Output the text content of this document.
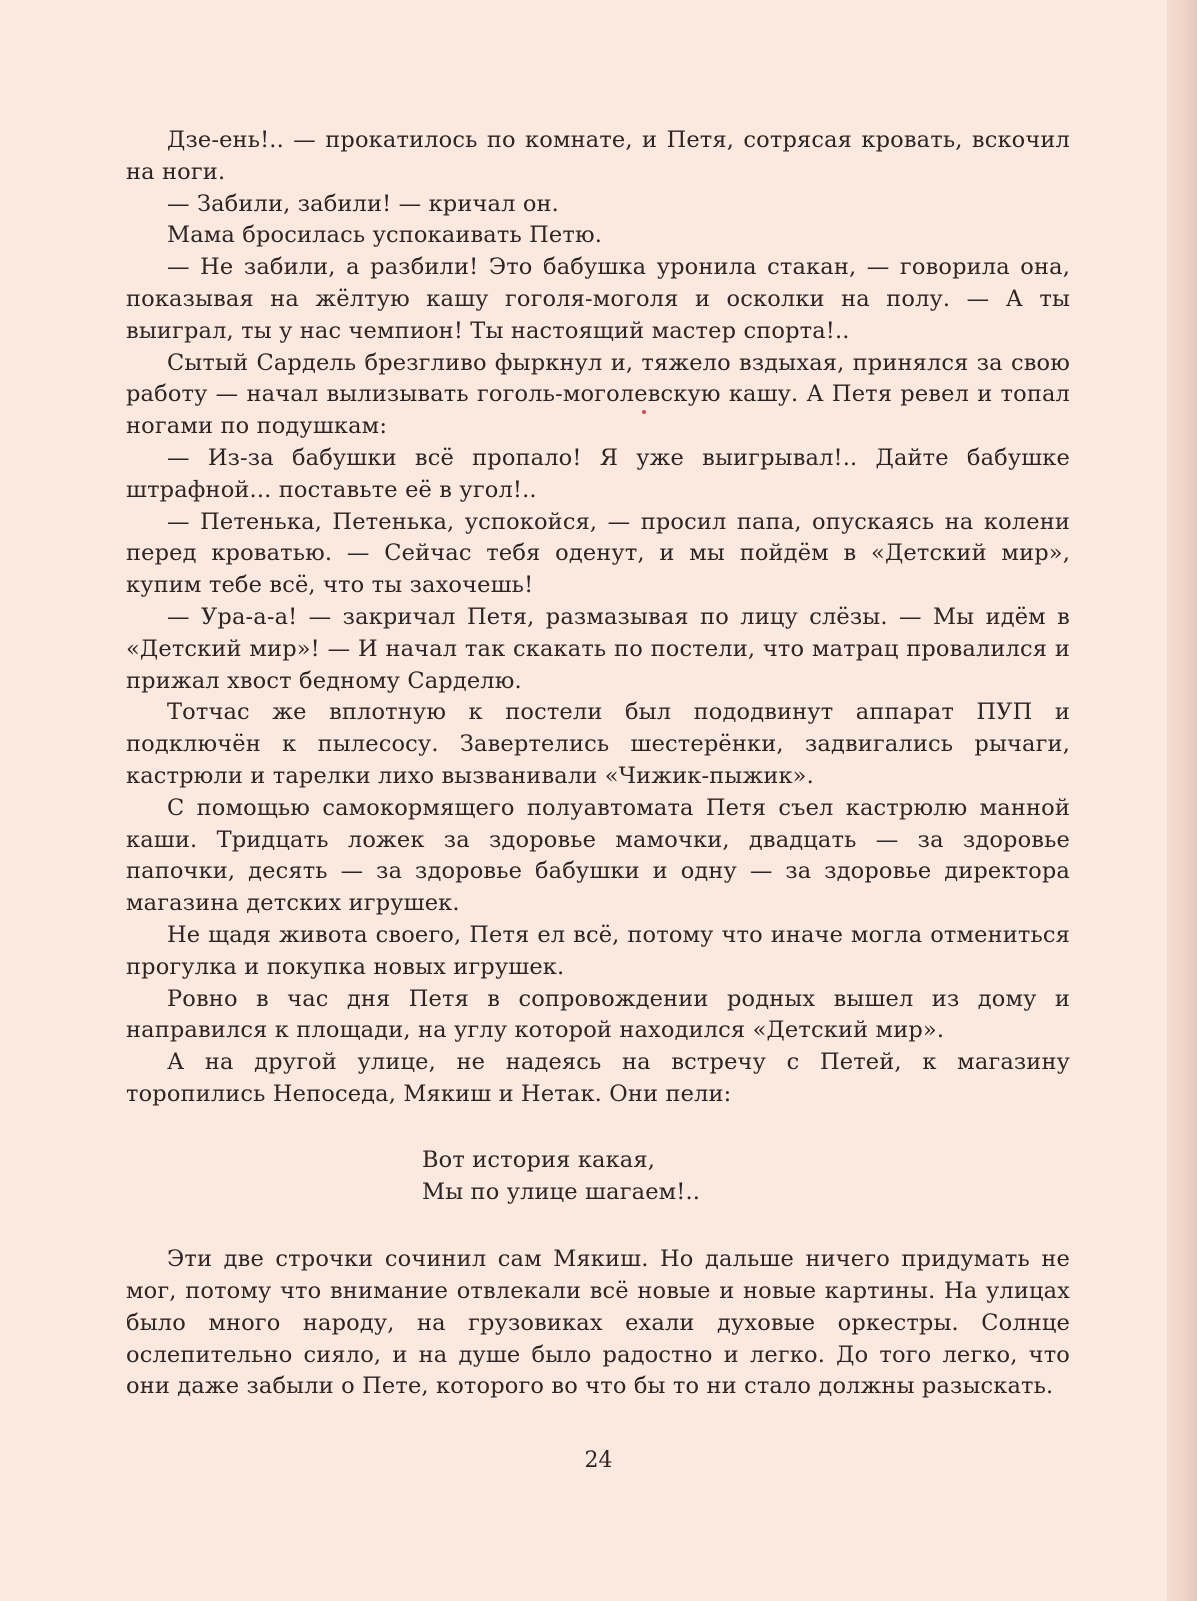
Дзе-ень!.. — прокатилось по комнате, и Петя, сотрясая кровать, вскочил на ноги.

— Забили, забили! — кричал он.

Мама бросилась успокаивать Петю.

— Не забили, а разбили! Это бабушка уронила стакан, — говорила она, показывая на жёлтую кашу гоголя-моголя и осколки на полу. — А ты выиграл, ты у нас чемпион! Ты настоящий мастер спорта!..

Сытый Сардель брезгливо фыркнул и, тяжело вздыхая, принялся за свою работу — начал вылизывать гоголь-моголевскую кашу. А Петя ревел и топал ногами по подушкам:

— Из-за бабушки всё пропало! Я уже выигрывал!.. Дайте бабушке штрафной... поставьте её в угол!..

— Петенька, Петенька, успокойся, — просил папа, опускаясь на колени перед кроватью. — Сейчас тебя оденут, и мы пойдём в «Детский мир», купим тебе всё, что ты захочешь!

— Ура-а-а! — закричал Петя, размазывая по лицу слёзы. — Мы идём в «Детский мир»! — И начал так скакать по постели, что матрац провалился и прижал хвост бедному Сарделю.

Тотчас же вплотную к постели был пододвинут аппарат ПУП и подключён к пылесосу. Завертелись шестерёнки, задвигались рычаги, кастрюли и тарелки лихо вызванивали «Чижик-пыжик».

С помощью самокормящего полуавтомата Петя съел кастрюлю манной каши. Тридцать ложек за здоровье мамочки, двадцать — за здоровье папочки, десять — за здоровье бабушки и одну — за здоровье директора магазина детских игрушек.

Не щадя живота своего, Петя ел всё, потому что иначе могла отмениться прогулка и покупка новых игрушек.

Ровно в час дня Петя в сопровождении родных вышел из дому и направился к площади, на углу которой находился «Детский мир».

А на другой улице, не надеясь на встречу с Петей, к магазину торопились Непоседа, Мякиш и Нетак. Они пели:

Вот история какая,
Мы по улице шагаем!..

Эти две строчки сочинил сам Мякиш. Но дальше ничего придумать не мог, потому что внимание отвлекали всё новые и новые картины. На улицах было много народу, на грузовиках ехали духовые оркестры. Солнце ослепительно сияло, и на душе было радостно и легко. До того легко, что они даже забыли о Пете, которого во что бы то ни стало должны разыскать.

24
